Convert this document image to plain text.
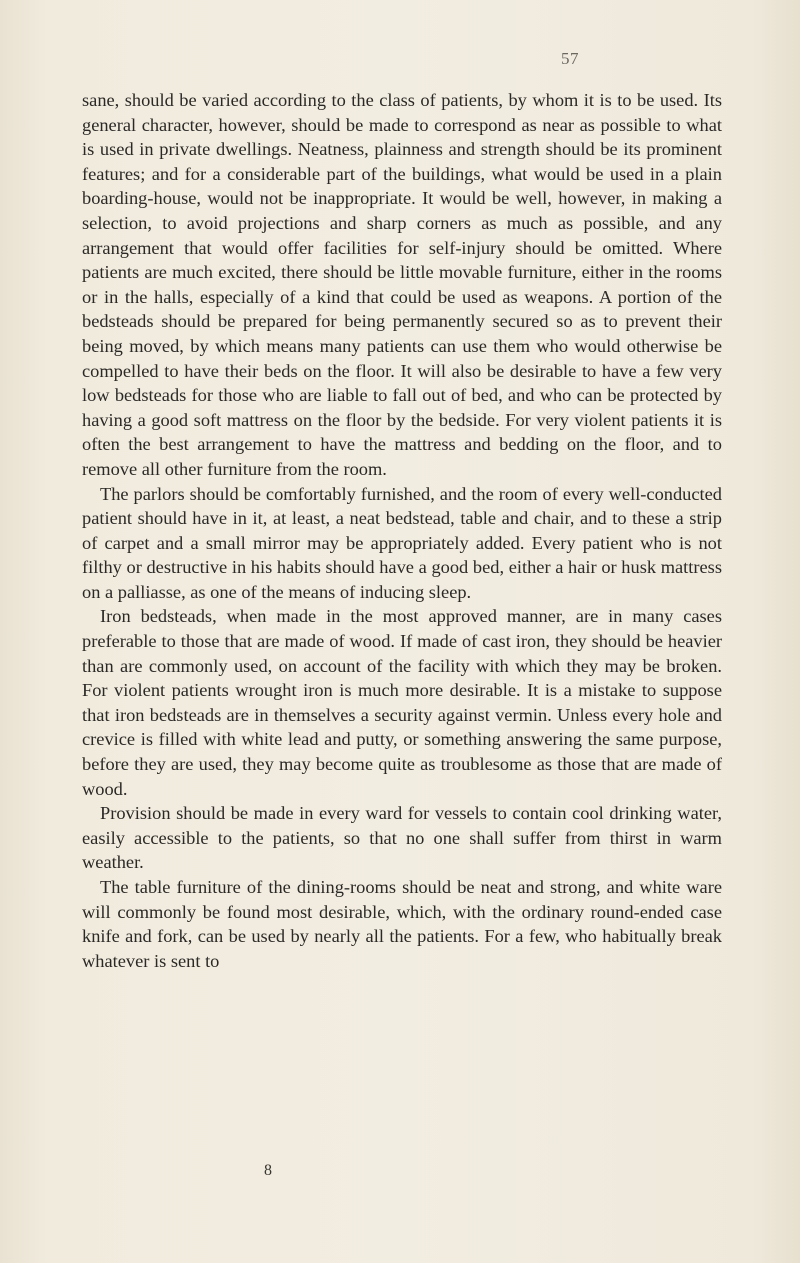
57

sane, should be varied according to the class of patients, by whom it is to be used. Its general character, however, should be made to correspond as near as possible to what is used in private dwellings. Neatness, plainness and strength should be its prominent features; and for a considerable part of the buildings, what would be used in a plain boarding-house, would not be inappropriate. It would be well, however, in making a selection, to avoid projections and sharp corners as much as possible, and any arrangement that would offer facilities for self-injury should be omitted. Where patients are much excited, there should be little movable furniture, either in the rooms or in the halls, especially of a kind that could be used as weapons. A portion of the bedsteads should be prepared for being permanently secured so as to prevent their being moved, by which means many patients can use them who would otherwise be compelled to have their beds on the floor. It will also be desirable to have a few very low bedsteads for those who are liable to fall out of bed, and who can be protected by having a good soft mattress on the floor by the bedside. For very violent patients it is often the best arrangement to have the mattress and bedding on the floor, and to remove all other furniture from the room.

The parlors should be comfortably furnished, and the room of every well-conducted patient should have in it, at least, a neat bedstead, table and chair, and to these a strip of carpet and a small mirror may be appropriately added. Every patient who is not filthy or destructive in his habits should have a good bed, either a hair or husk mattress on a palliasse, as one of the means of inducing sleep.

Iron bedsteads, when made in the most approved manner, are in many cases preferable to those that are made of wood. If made of cast iron, they should be heavier than are commonly used, on account of the facility with which they may be broken. For violent patients wrought iron is much more desirable. It is a mistake to suppose that iron bedsteads are in themselves a security against vermin. Unless every hole and crevice is filled with white lead and putty, or something answering the same purpose, before they are used, they may become quite as troublesome as those that are made of wood.

Provision should be made in every ward for vessels to contain cool drinking water, easily accessible to the patients, so that no one shall suffer from thirst in warm weather.

The table furniture of the dining-rooms should be neat and strong, and white ware will commonly be found most desirable, which, with the ordinary round-ended case knife and fork, can be used by nearly all the patients. For a few, who habitually break whatever is sent to

8
